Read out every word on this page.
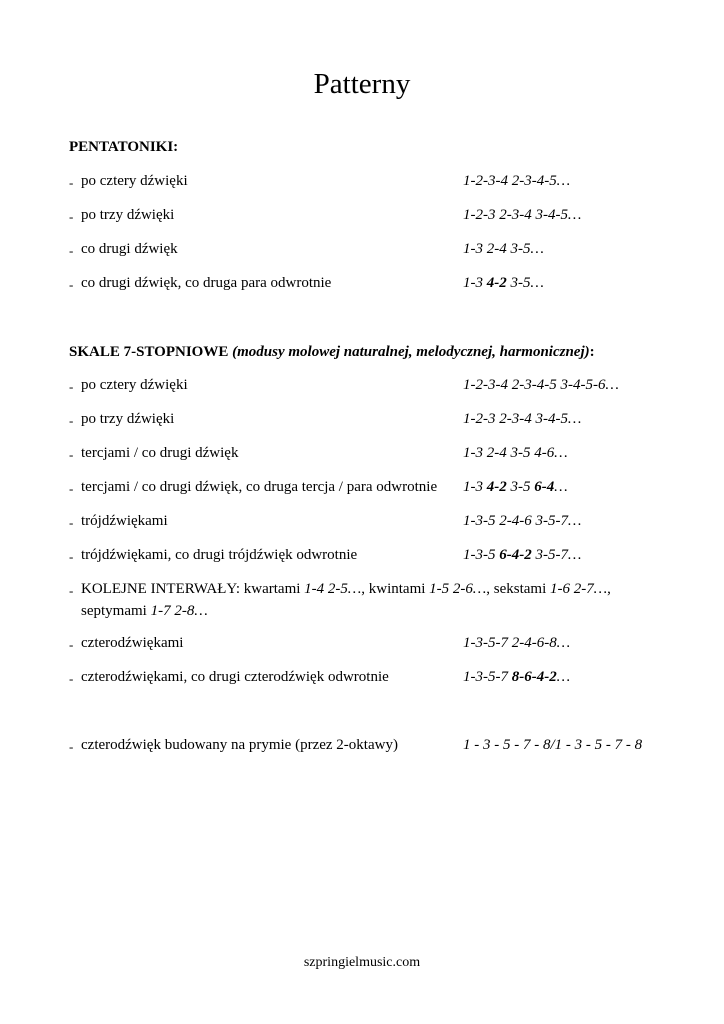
Patterny
PENTATONIKI:
- po cztery dźwięki	1-2-3-4 2-3-4-5…
- po trzy dźwięki	1-2-3 2-3-4 3-4-5…
- co drugi dźwięk	1-3 2-4 3-5…
- co drugi dźwięk, co druga para odwrotnie	1-3 4-2 3-5…
SKALE 7-STOPNIOWE (modusy molowej naturalnej, melodycznej, harmonicznej):
- po cztery dźwięki	1-2-3-4 2-3-4-5 3-4-5-6…
- po trzy dźwięki	1-2-3 2-3-4 3-4-5…
- tercjami / co drugi dźwięk	1-3 2-4 3-5 4-6…
- tercjami / co drugi dźwięk, co druga tercja / para odwrotnie 1-3 4-2 3-5 6-4…
- trójdźwiękami	1-3-5 2-4-6 3-5-7…
- trójdźwiękami, co drugi trójdźwięk odwrotnie	1-3-5 6-4-2 3-5-7…
- KOLEJNE INTERWAŁY: kwartami 1-4 2-5…, kwintami 1-5 2-6…, sekstami 1-6 2-7…,
septymami 1-7 2-8…
- czterodźwiękami	1-3-5-7 2-4-6-8…
- czterodźwiękami, co drugi czterodźwięk odwrotnie	1-3-5-7 8-6-4-2…
- czterodźwięk budowany na prymie (przez 2-oktawy)	1 - 3 - 5 - 7 - 8/1 - 3 - 5 - 7 - 8
szpringielmusic.com
